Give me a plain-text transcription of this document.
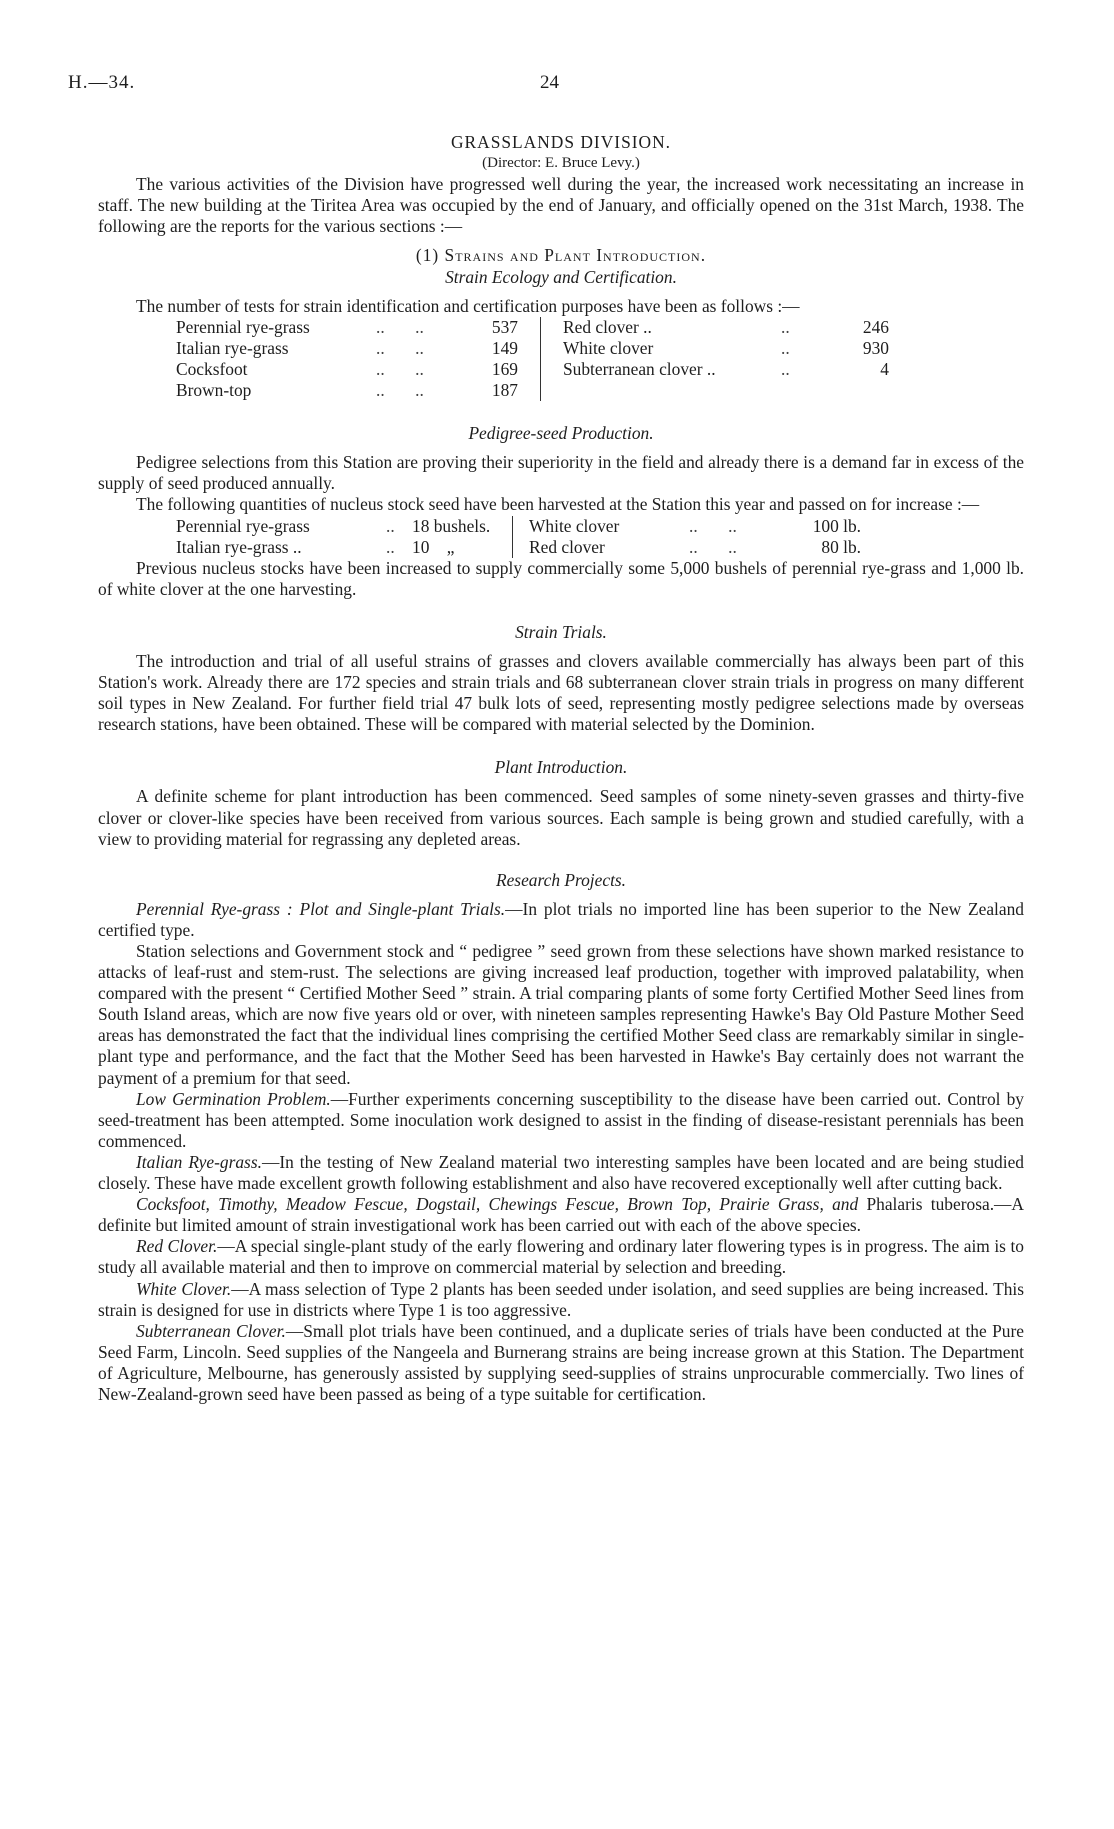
H.—34.	24
GRASSLANDS DIVISION.
(Director: E. Bruce Levy.)

The various activities of the Division have progressed well during the year, the increased work necessitating an increase in staff. The new building at the Tiritea Area was occupied by the end of January, and officially opened on the 31st March, 1938. The following are the reports for the various sections :—

(1) Strains and Plant Introduction.
Strain Ecology and Certification.

The number of tests for strain identification and certification purposes have been as follows :—

Perennial rye-grass	..       ..	537		Red clover ..	..	246
Italian rye-grass	..       ..	149		White clover	..	930
Cocksfoot	..       ..	169		Subterranean clover ..	..	4
Brown-top	..       ..	187				
Pedigree-seed Production.

Pedigree selections from this Station are proving their superiority in the field and already there is a demand far in excess of the supply of seed produced annually.

The following quantities of nucleus stock seed have been harvested at the Station this year and passed on for increase :—

Perennial rye-grass	..	18 bushels.		White clover	..       ..	100 lb.
Italian rye-grass ..	..	10    „		Red clover	..       ..	80 lb.

Previous nucleus stocks have been increased to supply commercially some 5,000 bushels of perennial rye-grass and 1,000 lb. of white clover at the one harvesting.

Strain Trials.

The introduction and trial of all useful strains of grasses and clovers available commercially has always been part of this Station's work. Already there are 172 species and strain trials and 68 subterranean clover strain trials in progress on many different soil types in New Zealand. For further field trial 47 bulk lots of seed, representing mostly pedigree selections made by overseas research stations, have been obtained. These will be compared with material selected by the Dominion.

Plant Introduction.

A definite scheme for plant introduction has been commenced. Seed samples of some ninety-seven grasses and thirty-five clover or clover-like species have been received from various sources. Each sample is being grown and studied carefully, with a view to providing material for regrassing any depleted areas.

Research Projects.

Perennial Rye-grass : Plot and Single-plant Trials.—In plot trials no imported line has been superior to the New Zealand certified type.

Station selections and Government stock and “ pedigree ” seed grown from these selections have shown marked resistance to attacks of leaf-rust and stem-rust. The selections are giving increased leaf production, together with improved palatability, when compared with the present “ Certified Mother Seed ” strain. A trial comparing plants of some forty Certified Mother Seed lines from South Island areas, which are now five years old or over, with nineteen samples representing Hawke's Bay Old Pasture Mother Seed areas has demonstrated the fact that the individual lines comprising the certified Mother Seed class are remarkably similar in single-plant type and performance, and the fact that the Mother Seed has been harvested in Hawke's Bay certainly does not warrant the payment of a premium for that seed.

Low Germination Problem.—Further experiments concerning susceptibility to the disease have been carried out. Control by seed-treatment has been attempted. Some inoculation work designed to assist in the finding of disease-resistant perennials has been commenced.

Italian Rye-grass.—In the testing of New Zealand material two interesting samples have been located and are being studied closely. These have made excellent growth following establishment and also have recovered exceptionally well after cutting back.

Cocksfoot, Timothy, Meadow Fescue, Dogstail, Chewings Fescue, Brown Top, Prairie Grass, and Phalaris tuberosa.—A definite but limited amount of strain investigational work has been carried out with each of the above species.

Red Clover.—A special single-plant study of the early flowering and ordinary later flowering types is in progress. The aim is to study all available material and then to improve on commercial material by selection and breeding.

White Clover.—A mass selection of Type 2 plants has been seeded under isolation, and seed supplies are being increased. This strain is designed for use in districts where Type 1 is too aggressive.

Subterranean Clover.—Small plot trials have been continued, and a duplicate series of trials have been conducted at the Pure Seed Farm, Lincoln. Seed supplies of the Nangeela and Burnerang strains are being increase grown at this Station. The Department of Agriculture, Melbourne, has generously assisted by supplying seed-supplies of strains unprocurable commercially. Two lines of New-Zealand-grown seed have been passed as being of a type suitable for certification.
